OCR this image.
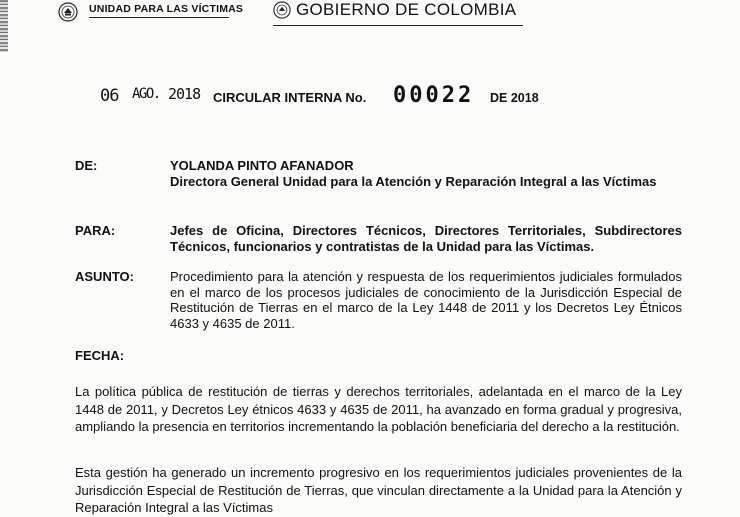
UNIDAD PARA LAS VÍCTIMAS	GOBIERNO DE COLOMBIA
06 AGO. 2018 CIRCULAR INTERNA No. 00022 DE 2018
DE:	YOLANDA PINTO AFANADOR
Directora General Unidad para la Atención y Reparación Integral a las Víctimas
PARA:	Jefes de Oficina, Directores Técnicos, Directores Territoriales, Subdirectores Técnicos, funcionarios y contratistas de la Unidad para las Víctimas.
ASUNTO:	Procedimiento para la atención y respuesta de los requerimientos judiciales formulados en el marco de los procesos judiciales de conocimiento de la Jurisdicción Especial de Restitución de Tierras en el marco de la Ley 1448 de 2011 y los Decretos Ley Étnicos 4633 y 4635 de 2011.
FECHA:
La política pública de restitución de tierras y derechos territoriales, adelantada en el marco de la Ley 1448 de 2011, y Decretos Ley étnicos 4633 y 4635 de 2011, ha avanzado en forma gradual y progresiva, ampliando la presencia en territorios incrementando la población beneficiaria del derecho a la restitución.
Esta gestión ha generado un incremento progresivo en los requerimientos judiciales provenientes de la Jurisdicción Especial de Restitución de Tierras, que vinculan directamente a la Unidad para la Atención y Reparación Integral a las Víctimas
